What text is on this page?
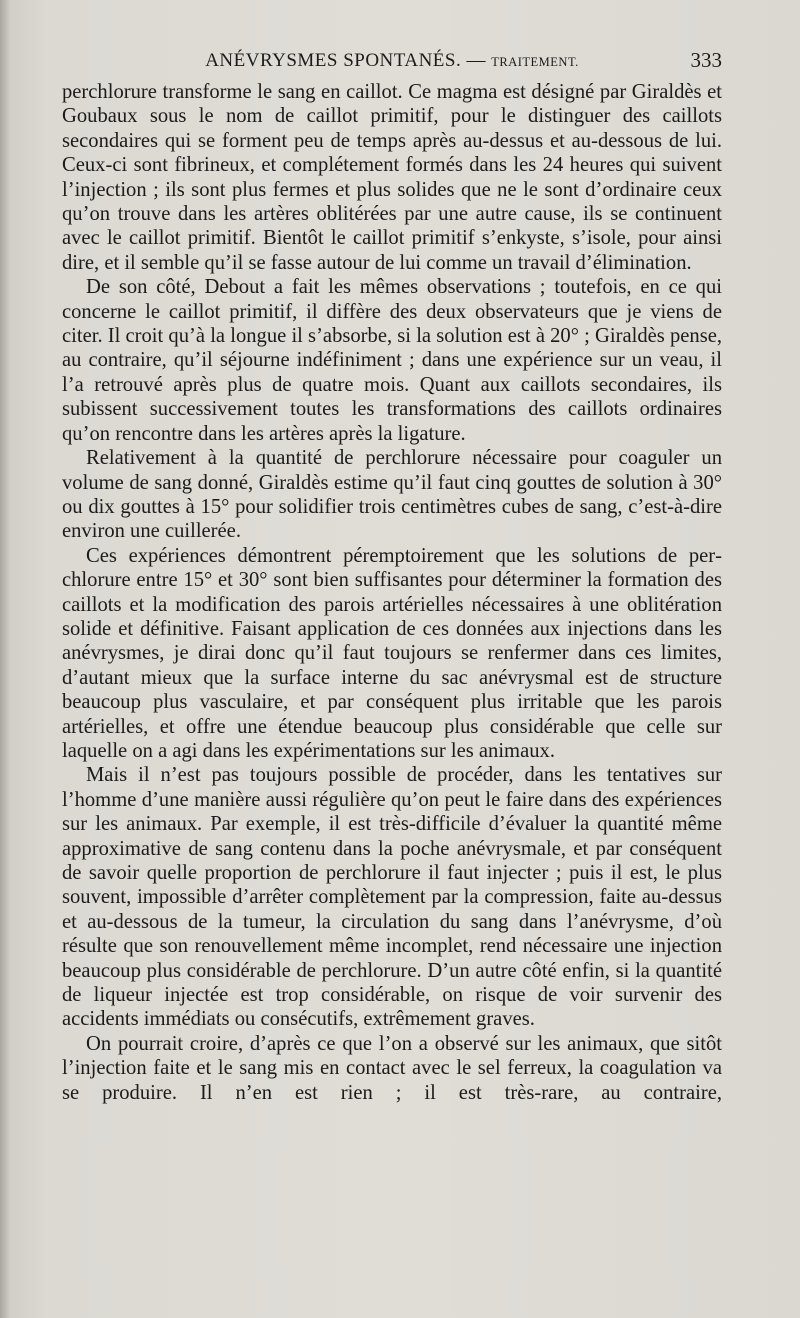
ANÉVRYSMES SPONTANÉS. — TRAITEMENT.	333

perchlorure transforme le sang en caillot. Ce magma est désigné par Giraldès et Goubaux sous le nom de caillot primitif, pour le distinguer des caillots secondaires qui se forment peu de temps après au-dessus et au-dessous de lui. Ceux-ci sont fibrineux, et complétement formés dans les 24 heures qui suivent l’injection ; ils sont plus fermes et plus solides que ne le sont d’ordinaire ceux qu’on trouve dans les artères oblitérées par une autre cause, ils se continuent avec le caillot primitif. Bientôt le caillot primitif s’enkyste, s’isole, pour ainsi dire, et il semble qu’il se fasse autour de lui comme un travail d’élimination.

De son côté, Debout a fait les mêmes observations ; toutefois, en ce qui concerne le caillot primitif, il diffère des deux observateurs que je viens de citer. Il croit qu’à la longue il s’absorbe, si la solution est à 20° ; Giraldès pense, au contraire, qu’il séjourne indéfiniment ; dans une expérience sur un veau, il l’a retrouvé après plus de quatre mois. Quant aux caillots secondaires, ils subissent successivement toutes les transformations des caillots ordinaires qu’on rencontre dans les artères après la ligature.

Relativement à la quantité de perchlorure nécessaire pour coaguler un volume de sang donné, Giraldès estime qu’il faut cinq gouttes de solution à 30° ou dix gouttes à 15° pour solidifier trois centimètres cubes de sang, c’est-à-dire environ une cuillerée.

Ces expériences démontrent péremptoirement que les solutions de perchlorure entre 15° et 30° sont bien suffisantes pour déterminer la formation des caillots et la modification des parois artérielles nécessaires à une oblitération solide et définitive. Faisant application de ces données aux injections dans les anévrysmes, je dirai donc qu’il faut toujours se renfermer dans ces limites, d’autant mieux que la surface interne du sac anévrysmal est de structure beaucoup plus vasculaire, et par conséquent plus irritable que les parois artérielles, et offre une étendue beaucoup plus considérable que celle sur laquelle on a agi dans les expérimentations sur les animaux.

Mais il n’est pas toujours possible de procéder, dans les tentatives sur l’homme d’une manière aussi régulière qu’on peut le faire dans des expériences sur les animaux. Par exemple, il est très-difficile d’évaluer la quantité même approximative de sang contenu dans la poche anévrysmale, et par conséquent de savoir quelle proportion de perchlorure il faut injecter ; puis il est, le plus souvent, impossible d’arrêter complètement par la compression, faite au-dessus et au-dessous de la tumeur, la circulation du sang dans l’anévrysme, d’où résulte que son renouvellement même incomplet, rend nécessaire une injection beaucoup plus considérable de perchlorure. D’un autre côté enfin, si la quantité de liqueur injectée est trop considérable, on risque de voir survenir des accidents immédiats ou consécutifs, extrêmement graves.

On pourrait croire, d’après ce que l’on a observé sur les animaux, que sitôt l’injection faite et le sang mis en contact avec le sel ferreux, la coagulation va se produire. Il n’en est rien ; il est très-rare, au contraire,
